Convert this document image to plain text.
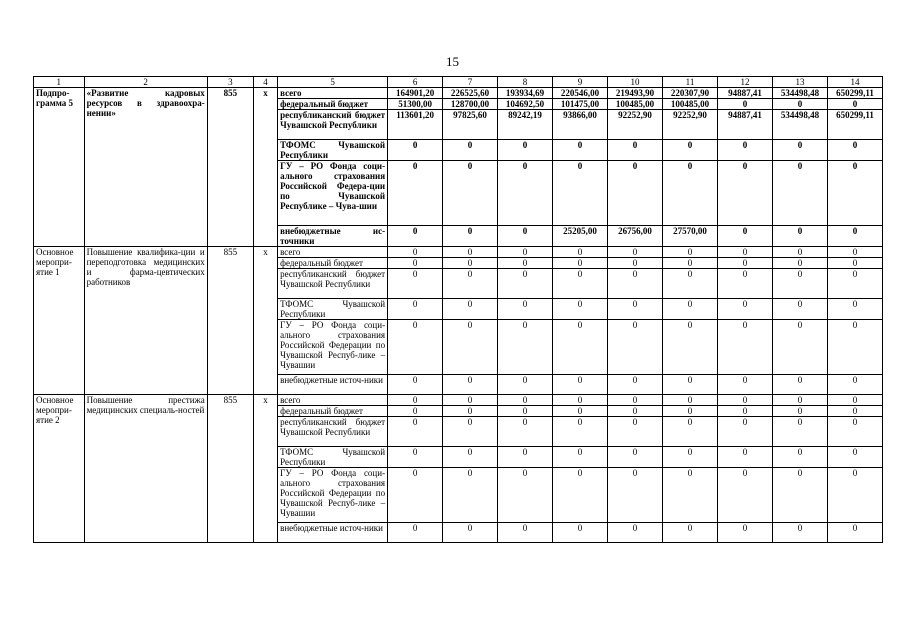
15
1	2	3	4	5	6	7	8	9	10	11	12	13	14
Подпро-грамма 5	«Развитие кадровых ресурсов в здравоохра-нении»	855	х	всего	164901,20	226525,60	193934,69	220546,00	219493,90	220307,90	94887,41	534498,48	650299,11
				федеральный бюджет	51300,00	128700,00	104692,50	101475,00	100485,00	100485,00	0	0	0
				республиканский бюджет Чувашской Республики	113601,20	97825,60	89242,19	93866,00	92252,90	92252,90	94887,41	534498,48	650299,11
				ТФОМС Чувашской Республики	0	0	0	0	0	0	0	0	0
				ГУ – РО Фонда соци-ального страхования Российской Федера-ции по Чувашской Республике – Чува-шии	0	0	0	0	0	0	0	0	0
				внебюджетные ис-точники	0	0	0	25205,00	26756,00	27570,00	0	0	0
Основное меропри-ятие 1	Повышение квалифика-ции и переподготовка медицинских и фарма-цевтических работников	855	х	всего	0	0	0	0	0	0	0	0	0
				федеральный бюджет	0	0	0	0	0	0	0	0	0
				республиканский бюджет Чувашской Республики	0	0	0	0	0	0	0	0	0
				ТФОМС Чувашской Республики	0	0	0	0	0	0	0	0	0
				ГУ – РО Фонда соци-ального страхования Российской Федерации по Чувашской Респуб-лике – Чувашии	0	0	0	0	0	0	0	0	0
				внебюджетные источ-ники	0	0	0	0	0	0	0	0	0
Основное меропри-ятие 2	Повышение престижа медицинских специаль-ностей	855	х	всего	0	0	0	0	0	0	0	0	0
				федеральный бюджет	0	0	0	0	0	0	0	0	0
				республиканский бюджет Чувашской Республики	0	0	0	0	0	0	0	0	0
				ТФОМС Чувашской Республики	0	0	0	0	0	0	0	0	0
				ГУ – РО Фонда соци-ального страхования Российской Федерации по Чувашской Респуб-лике – Чувашии	0	0	0	0	0	0	0	0	0
				внебюджетные источ-ники	0	0	0	0	0	0	0	0	0
